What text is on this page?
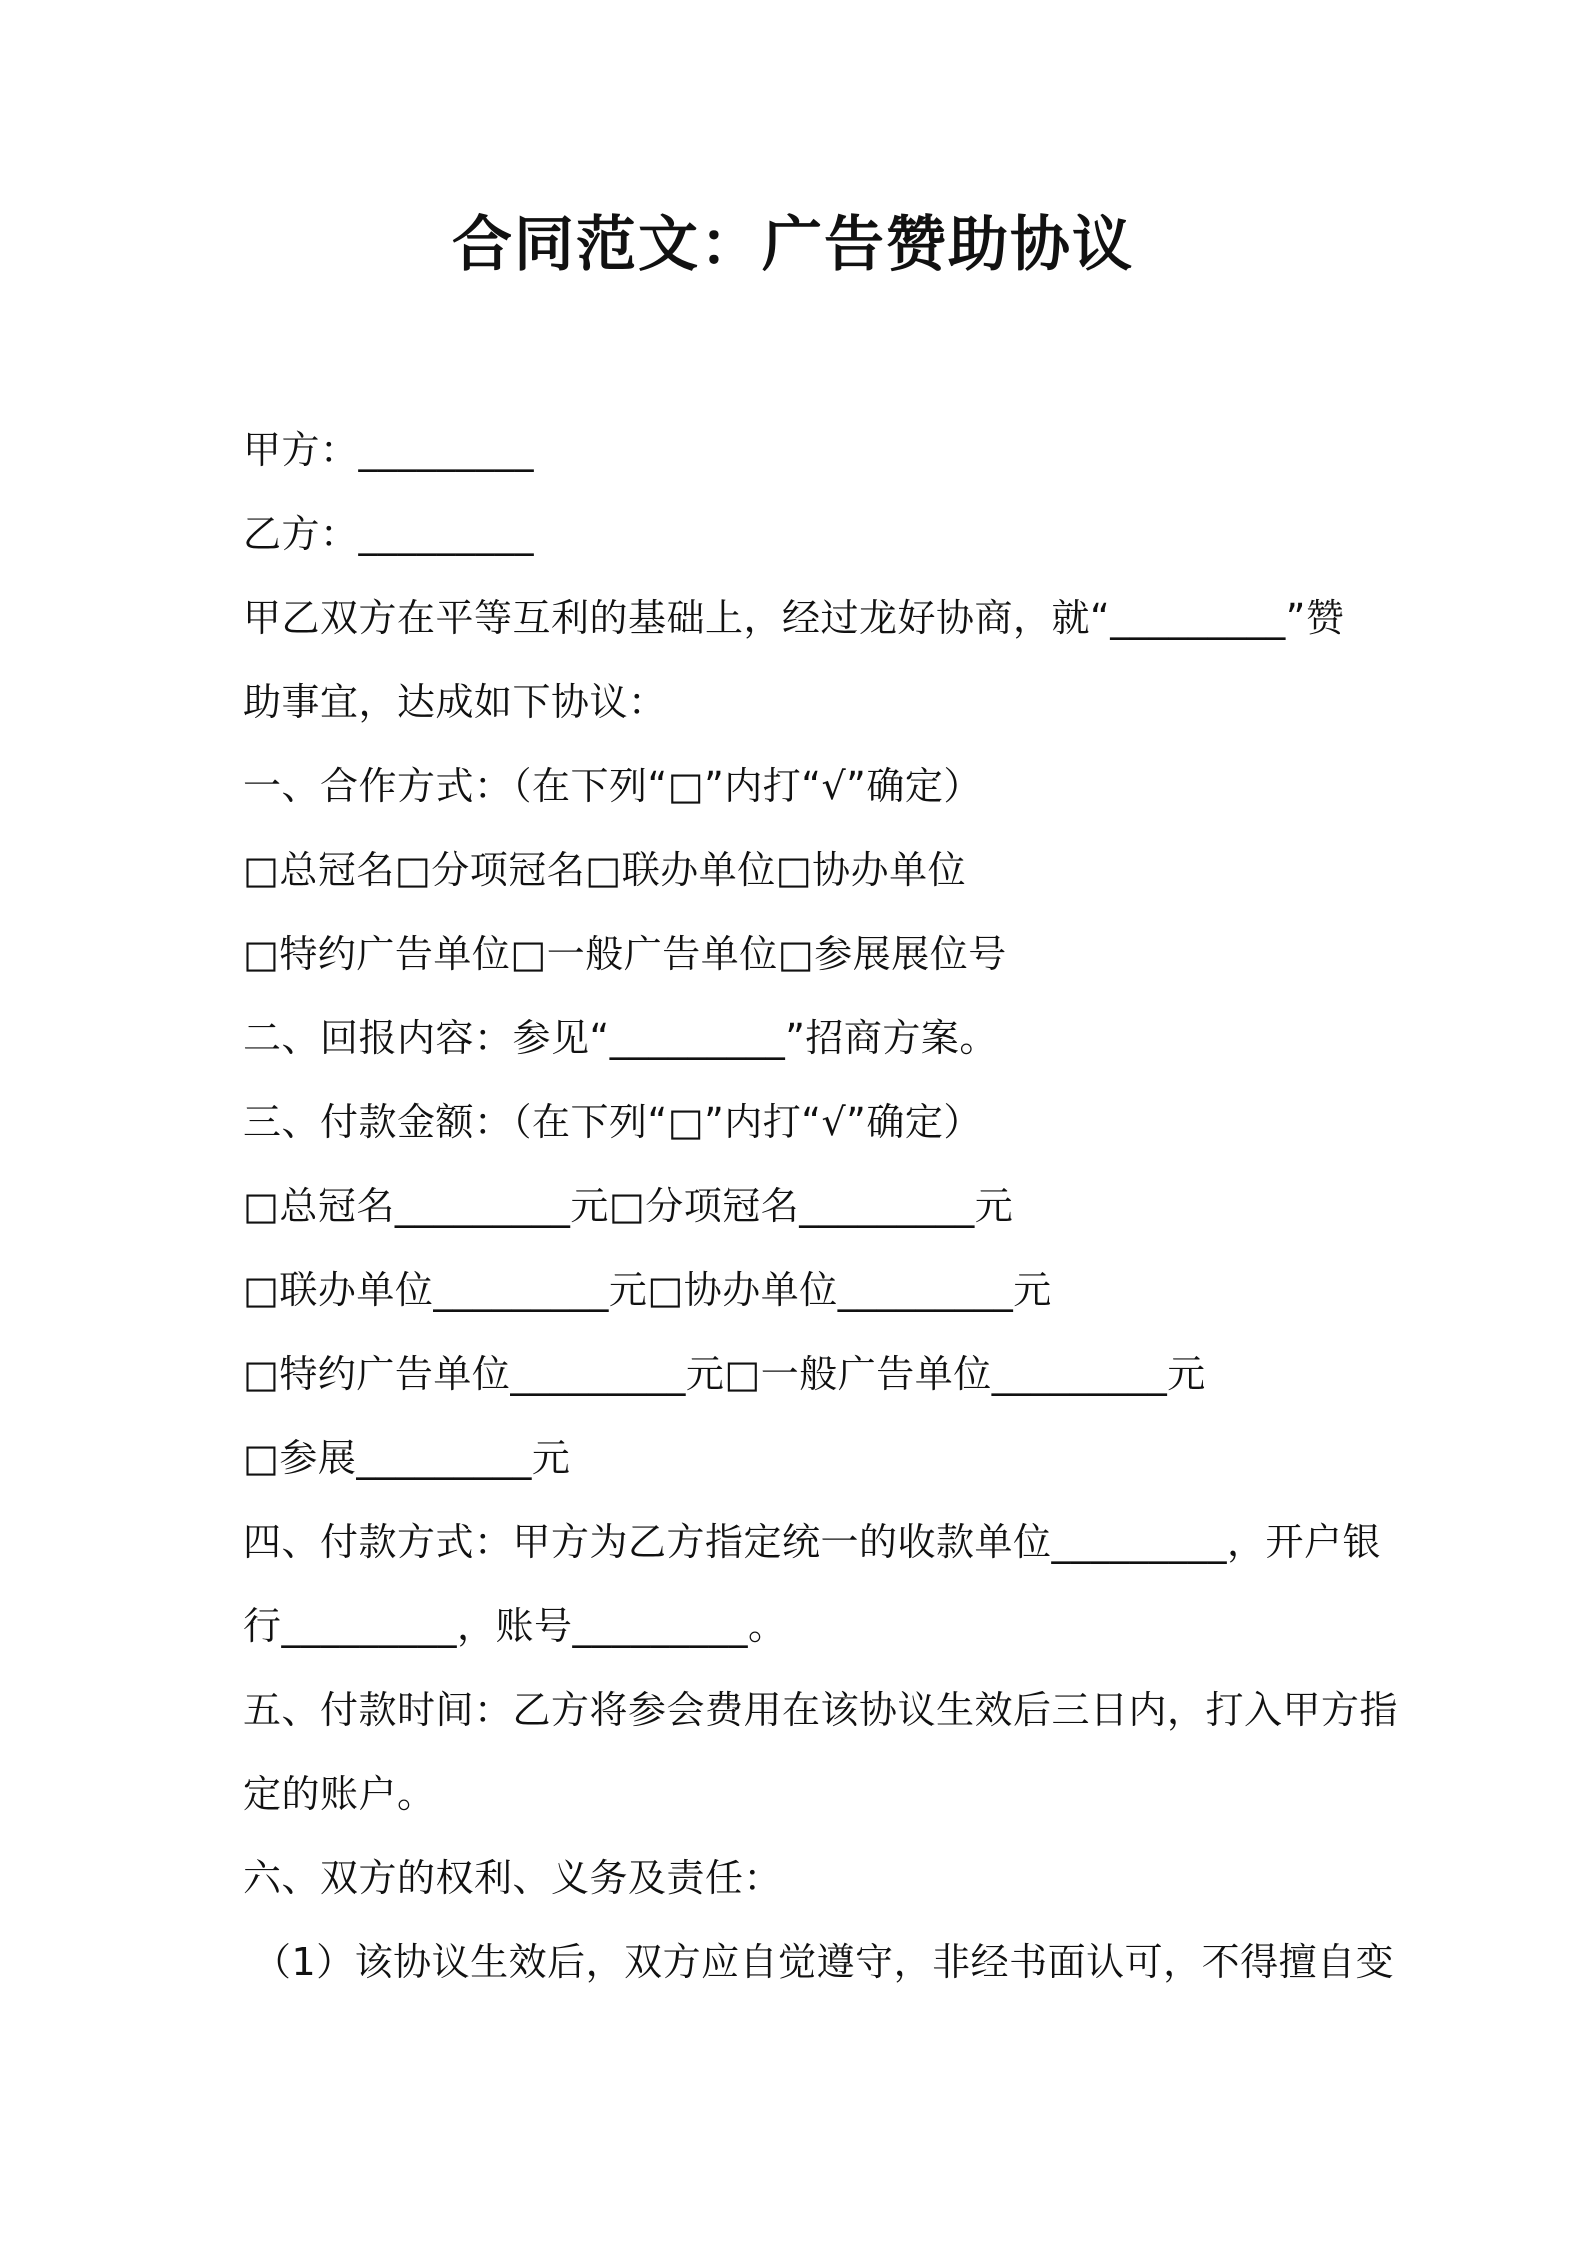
合同范文：广告赞助协议
甲方：_________
乙方：_________
甲乙双方在平等互利的基础上，经过龙好协商，就“_________”赞
助事宜，达成如下协议：
一、合作方式：（在下列“□”内打“√”确定）
□总冠名□分项冠名□联办单位□协办单位
□特约广告单位□一般广告单位□参展展位号
二、回报内容：参见“_________”招商方案。
三、付款金额：（在下列“□”内打“√”确定）
□总冠名_________元□分项冠名_________元
□联办单位_________元□协办单位_________元
□特约广告单位_________元□一般广告单位_________元
□参展_________元
四、付款方式：甲方为乙方指定统一的收款单位_________，开户银
行_________，账号_________。
五、付款时间：乙方将参会费用在该协议生效后三日内，打入甲方指
定的账户。
六、双方的权利、义务及责任：
（1）该协议生效后，双方应自觉遵守，非经书面认可，不得擅自变
